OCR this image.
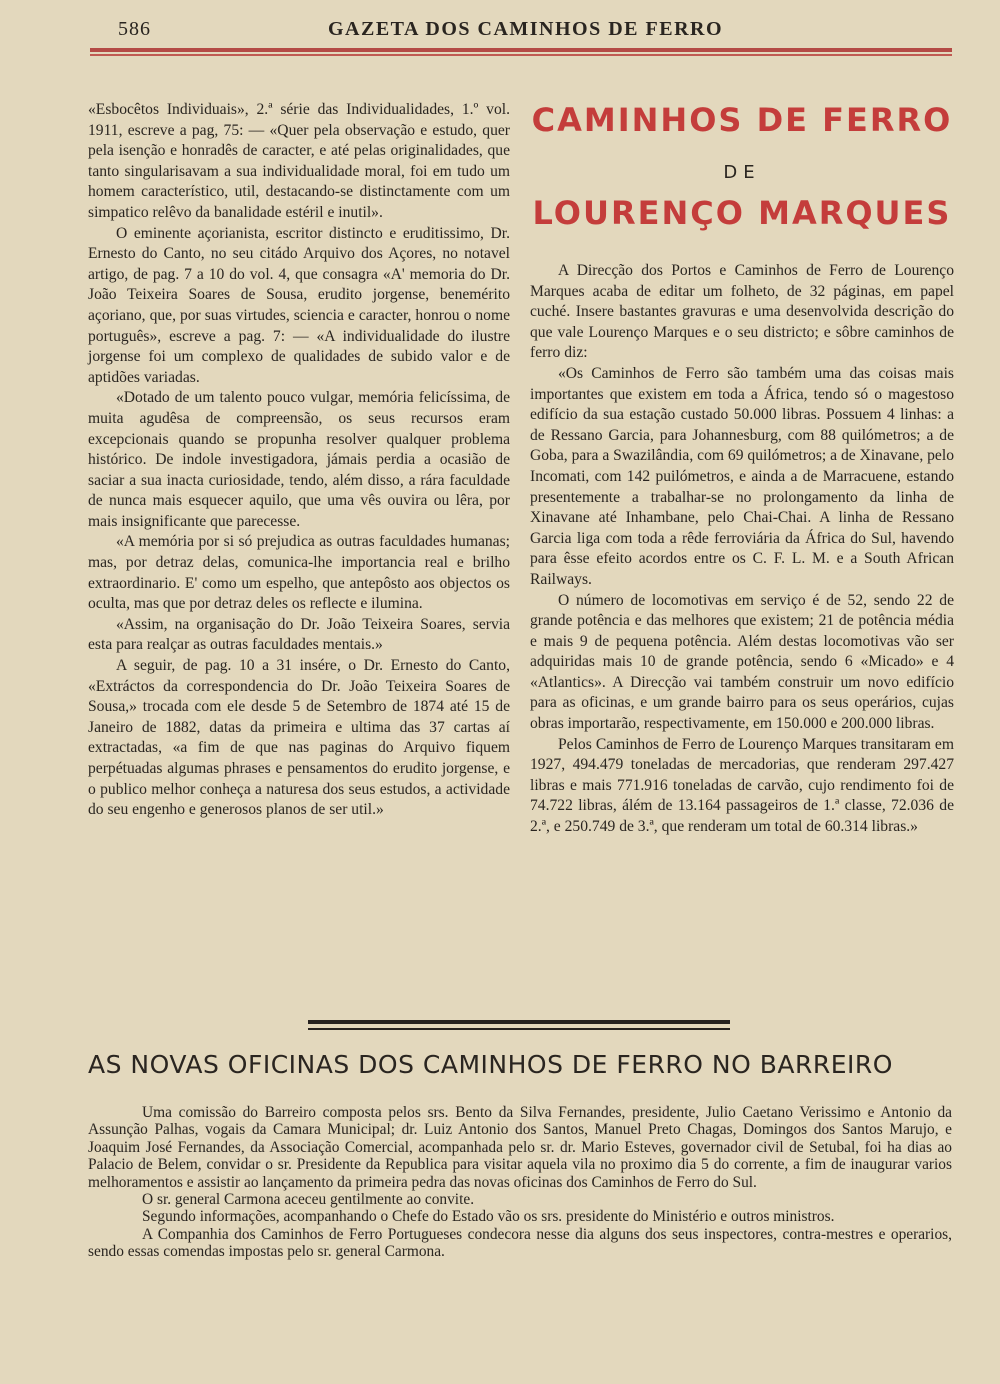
586	GAZETA DOS CAMINHOS DE FERRO

«Esbocêtos Individuais», 2.ª série das Individualidades, 1.º vol. 1911, escreve a pag, 75: — «Quer pela observação e estudo, quer pela isenção e honradês de caracter, e até pelas originalidades, que tanto singularisavam a sua individualidade moral, foi em tudo um homem característico, util, destacando-se distinctamente com um simpatico relêvo da banalidade estéril e inutil».

O eminente açorianista, escritor distincto e eruditissimo, Dr. Ernesto do Canto, no seu citádo Arquivo dos Açores, no notavel artigo, de pag. 7 a 10 do vol. 4, que consagra «A' memoria do Dr. João Teixeira Soares de Sousa, erudito jorgense, benemérito açoriano, que, por suas virtudes, sciencia e caracter, honrou o nome português», escreve a pag. 7: — «A individualidade do ilustre jorgense foi um complexo de qualidades de subido valor e de aptidões variadas.

«Dotado de um talento pouco vulgar, memória felicíssima, de muita agudêsa de compreensão, os seus recursos eram excepcionais quando se propunha resolver qualquer problema histórico. De indole investigadora, jámais perdia a ocasião de saciar a sua inacta curiosidade, tendo, além disso, a rára faculdade de nunca mais esquecer aquilo, que uma vês ouvira ou lêra, por mais insignificante que parecesse.

«A memória por si só prejudica as outras faculdades humanas; mas, por detraz delas, comunica-lhe importancia real e brilho extraordinario. E' como um espelho, que antepôsto aos objectos os oculta, mas que por detraz deles os reflecte e ilumina.

«Assim, na organisação do Dr. João Teixeira Soares, servia esta para realçar as outras faculdades mentais.»

A seguir, de pag. 10 a 31 insére, o Dr. Ernesto do Canto, «Extráctos da correspondencia do Dr. João Teixeira Soares de Sousa,» trocada com ele desde 5 de Setembro de 1874 até 15 de Janeiro de 1882, datas da primeira e ultima das 37 cartas aí extractadas, «a fim de que nas paginas do Arquivo fiquem perpétuadas algumas phrases e pensamentos do erudito jorgense, e o publico melhor conheça a naturesa dos seus estudos, a actividade do seu engenho e generosos planos de ser util.»

CAMINHOS DE FERRO
DE
LOURENÇO MARQUES

A Direcção dos Portos e Caminhos de Ferro de Lourenço Marques acaba de editar um folheto, de 32 páginas, em papel cuché. Insere bastantes gravuras e uma desenvolvida descrição do que vale Lourenço Marques e o seu districto; e sôbre caminhos de ferro diz:

«Os Caminhos de Ferro são também uma das coisas mais importantes que existem em toda a África, tendo só o magestoso edifício da sua estação custado 50.000 libras. Possuem 4 linhas: a de Ressano Garcia, para Johannesburg, com 88 quilómetros; a de Goba, para a Swazilândia, com 69 quilómetros; a de Xinavane, pelo Incomati, com 142 puilómetros, e ainda a de Marracuene, estando presentemente a trabalhar-se no prolongamento da linha de Xinavane até Inhambane, pelo Chai-Chai. A linha de Ressano Garcia liga com toda a rêde ferroviária da África do Sul, havendo para êsse efeito acordos entre os C. F. L. M. e a South African Railways.

O número de locomotivas em serviço é de 52, sendo 22 de grande potência e das melhores que existem; 21 de potência média e mais 9 de pequena potência. Além destas locomotivas vão ser adquiridas mais 10 de grande potência, sendo 6 «Micado» e 4 «Atlantics». A Direcção vai também construir um novo edifício para as oficinas, e um grande bairro para os seus operários, cujas obras importarão, respectivamente, em 150.000 e 200.000 libras.

Pelos Caminhos de Ferro de Lourenço Marques transitaram em 1927, 494.479 toneladas de mercadorias, que renderam 297.427 libras e mais 771.916 toneladas de carvão, cujo rendimento foi de 74.722 libras, álém de 13.164 passageiros de 1.ª classe, 72.036 de 2.ª, e 250.749 de 3.ª, que renderam um total de 60.314 libras.»

AS NOVAS OFICINAS DOS CAMINHOS DE FERRO NO BARREIRO

Uma comissão do Barreiro composta pelos srs. Bento da Silva Fernandes, presidente, Julio Caetano Verissimo e Antonio da Assunção Palhas, vogais da Camara Municipal; dr. Luiz Antonio dos Santos, Manuel Preto Chagas, Domingos dos Santos Marujo, e Joaquim José Fernandes, da Associação Comercial, acompanhada pelo sr. dr. Mario Esteves, governador civil de Setubal, foi ha dias ao Palacio de Belem, convidar o sr. Presidente da Republica para visitar aquela vila no proximo dia 5 do corrente, a fim de inaugurar varios melhoramentos e assistir ao lançamento da primeira pedra das novas oficinas dos Caminhos de Ferro do Sul.

O sr. general Carmona aceceu gentilmente ao convite.

Segundo informações, acompanhando o Chefe do Estado vão os srs. presidente do Ministério e outros ministros.

A Companhia dos Caminhos de Ferro Portugueses condecora nesse dia alguns dos seus inspectores, contra-mestres e operarios, sendo essas comendas impostas pelo sr. general Carmona.
